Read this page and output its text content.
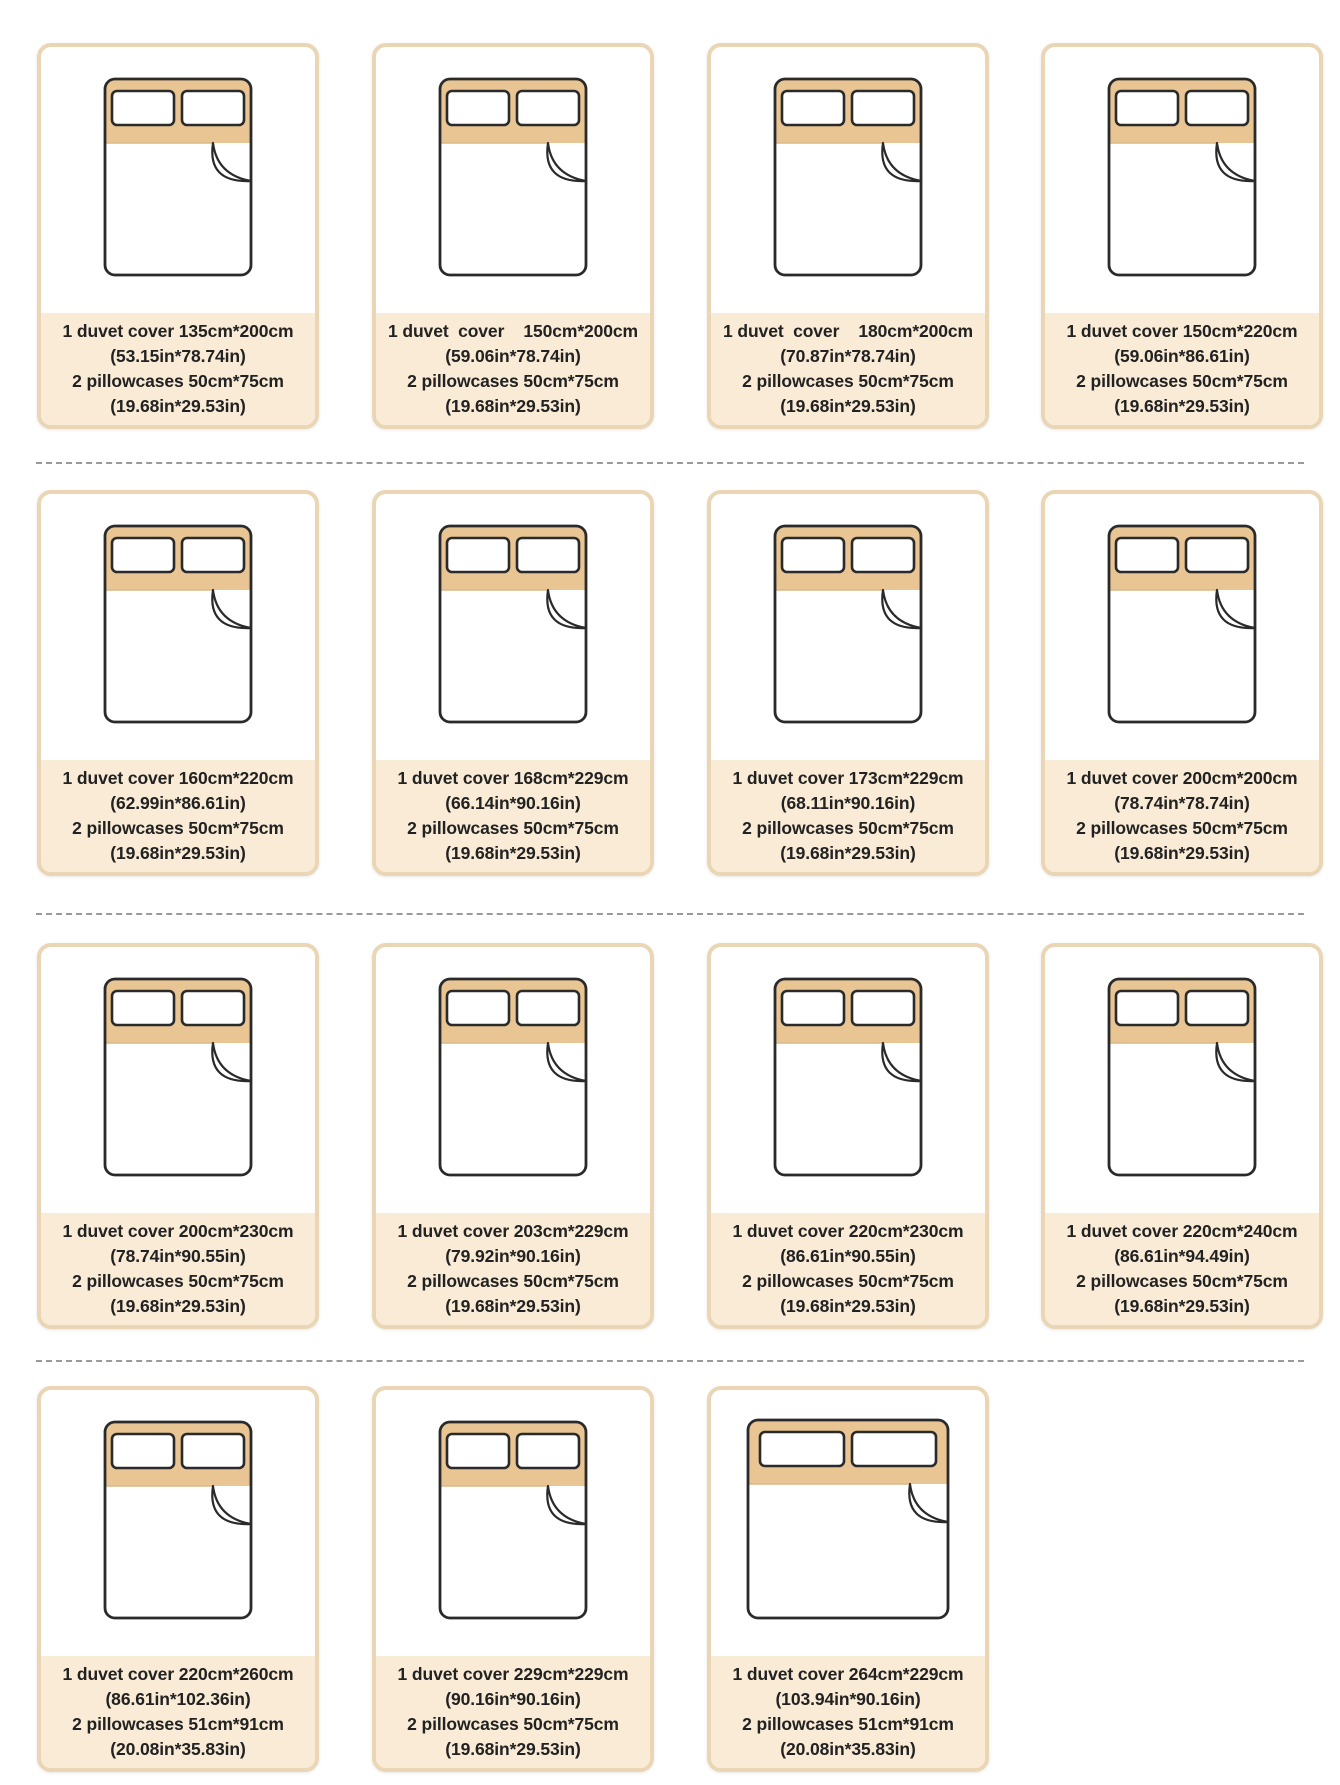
1 duvet cover 135cm*200cm
(53.15in*78.74in)
2 pillowcases 50cm*75cm
(19.68in*29.53in)
1 duvet  cover    150cm*200cm
(59.06in*78.74in)
2 pillowcases 50cm*75cm
(19.68in*29.53in)
1 duvet  cover    180cm*200cm
(70.87in*78.74in)
2 pillowcases 50cm*75cm
(19.68in*29.53in)
1 duvet cover 150cm*220cm
(59.06in*86.61in)
2 pillowcases 50cm*75cm
(19.68in*29.53in)
1 duvet cover 160cm*220cm
(62.99in*86.61in)
2 pillowcases 50cm*75cm
(19.68in*29.53in)
1 duvet cover 168cm*229cm
(66.14in*90.16in)
2 pillowcases 50cm*75cm
(19.68in*29.53in)
1 duvet cover 173cm*229cm
(68.11in*90.16in)
2 pillowcases 50cm*75cm
(19.68in*29.53in)
1 duvet cover 200cm*200cm
(78.74in*78.74in)
2 pillowcases 50cm*75cm
(19.68in*29.53in)
1 duvet cover 200cm*230cm
(78.74in*90.55in)
2 pillowcases 50cm*75cm
(19.68in*29.53in)
1 duvet cover 203cm*229cm
(79.92in*90.16in)
2 pillowcases 50cm*75cm
(19.68in*29.53in)
1 duvet cover 220cm*230cm
(86.61in*90.55in)
2 pillowcases 50cm*75cm
(19.68in*29.53in)
1 duvet cover 220cm*240cm
(86.61in*94.49in)
2 pillowcases 50cm*75cm
(19.68in*29.53in)
1 duvet cover 220cm*260cm
(86.61in*102.36in)
2 pillowcases 51cm*91cm
(20.08in*35.83in)
1 duvet cover 229cm*229cm
(90.16in*90.16in)
2 pillowcases 50cm*75cm
(19.68in*29.53in)
1 duvet cover 264cm*229cm
(103.94in*90.16in)
2 pillowcases 51cm*91cm
(20.08in*35.83in)
